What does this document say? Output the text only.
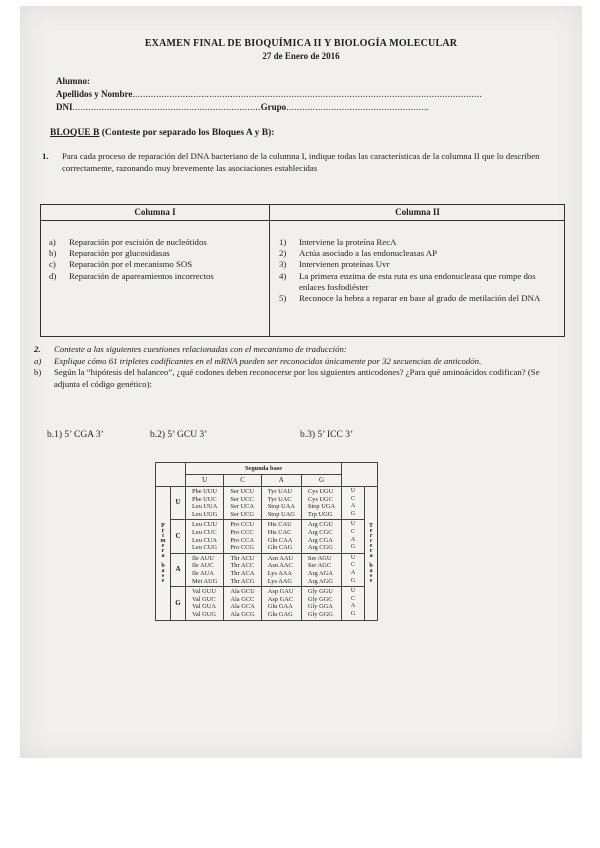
EXAMEN FINAL DE BIOQUÍMICA II Y BIOLOGÍA MOLECULAR
27 de Enero de 2016
Alumno:
Apellidos y Nombre....................................................................................................................................
DNI.......................................................................Grupo......................................................
BLOQUE B (Conteste por separado los Bloques A y B):
1. Para cada proceso de reparación del DNA bacteriano de la columna I, indique todas las características de la columna II que lo describen correctamente, razonando muy brevemente las asociaciones establecidas
Columna I	Columna II
a)	Reparación por escisión de nucleótidos
b)	Reparación por glucosidasas
c)	Reparación por el mecanismo SOS
d)	Reparación de apareamientos incorrectos
1)	Interviene la proteína RecA
2)	Actúa asociado a las endonucleasas AP
3)	Intervienen proteínas Uvr
4)	La primera enzima de esta ruta es una endonucleasa que rompe dos enlaces fosfodiéster
5)	Reconoce la hebra a reparar en base al grado de metilación del DNA
2.	Conteste a las siguientes cuestiones relacionadas con el mecanismo de traducción:
a)	Explique cómo 61 tripletes codificantes en el mRNA pueden ser reconocidos únicamente por 32 secuencias de anticodón.
b)	Según la “hipótesis del balanceo”, ¿qué codones deben reconocerse por los siguientes anticodones? ¿Para qué aminoácidos codifican? (Se adjunta el código genético):
b.1) 5’ CGA 3’	b.2) 5’ GCU 3’	b.3) 5’ ICC 3’
		Segunda base					
		U	C	A	G		
Primera base	U	Phe UUU
Phe UUC
Leu UUA
Leu UUG	Ser UCU
Ser UCC
Ser UCA
Ser UCG	Tyr UAU
Tyr UAC
Stop UAA
Stop UAG	Cys UGU
Cys UGC
Stop UGA
Trp UGG	U
C
A
G	Tercera base
	C	Leu CUU
Leu CUC
Leu CUA
Leu CUG	Pro CCU
Pro CCC
Pro CCA
Pro CCG	His CAU
His CAC
Gln CAA
Gln CAG	Arg CGU
Arg CGC
Arg CGA
Arg CGG	U
C
A
G	
	A	Ile AUU
Ile AUC
Ile AUA
Met AUG	Thr ACU
Thr ACC
Thr ACA
Thr ACG	Asn AAU
Asn AAC
Lys AAA
Lys AAG	Ser AGU
Ser AGC
Arg AGA
Arg AGG	U
C
A
G	
	G	Val GUU
Val GUC
Val GUA
Val GUG	Ala GCU
Ala GCC
Ala GCA
Ala GCG	Asp GAU
Asp GAC
Glu GAA
Glu GAG	Gly GGU
Gly GGC
Gly GGA
Gly GGG	U
C
A
G	
